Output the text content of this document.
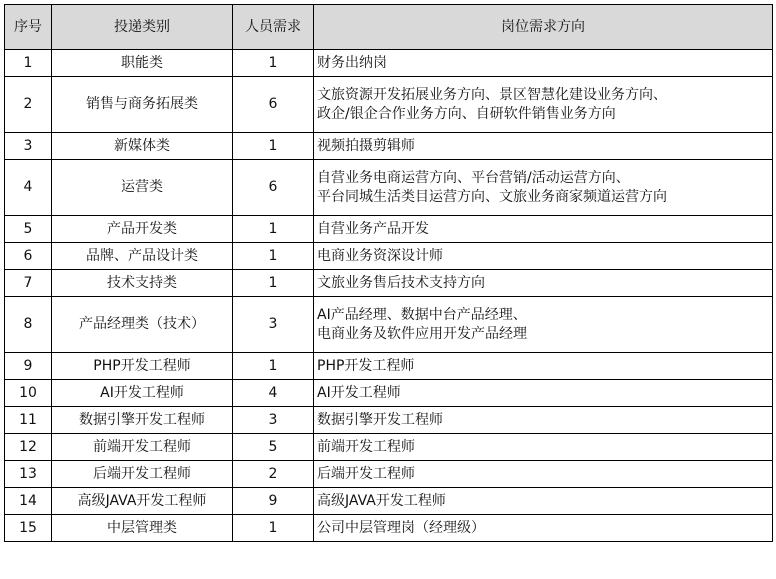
序号	投递类别	人员需求	岗位需求方向
1	职能类	1	财务出纳岗

2	销售与商务拓展类	6	文旅资源开发拓展业务方向、景区智慧化建设业务方向、
政企/银企合作业务方向、自研软件销售业务方向

3	新媒体类	1	视频拍摄剪辑师

4	运营类	6	自营业务电商运营方向、平台营销/活动运营方向、
平台同城生活类目运营方向、文旅业务商家频道运营方向

5	产品开发类	1	自营业务产品开发

6	品牌、产品设计类	1	电商业务资深设计师

7	技术支持类	1	文旅业务售后技术支持方向

8	产品经理类（技术）	3	AI产品经理、数据中台产品经理、
电商业务及软件应用开发产品经理

9	PHP开发工程师	1	PHP开发工程师

10	AI开发工程师	4	AI开发工程师

11	数据引擎开发工程师	3	数据引擎开发工程师

12	前端开发工程师	5	前端开发工程师

13	后端开发工程师	2	后端开发工程师

14	高级JAVA开发工程师	9	高级JAVA开发工程师

15	中层管理类	1	公司中层管理岗（经理级）
